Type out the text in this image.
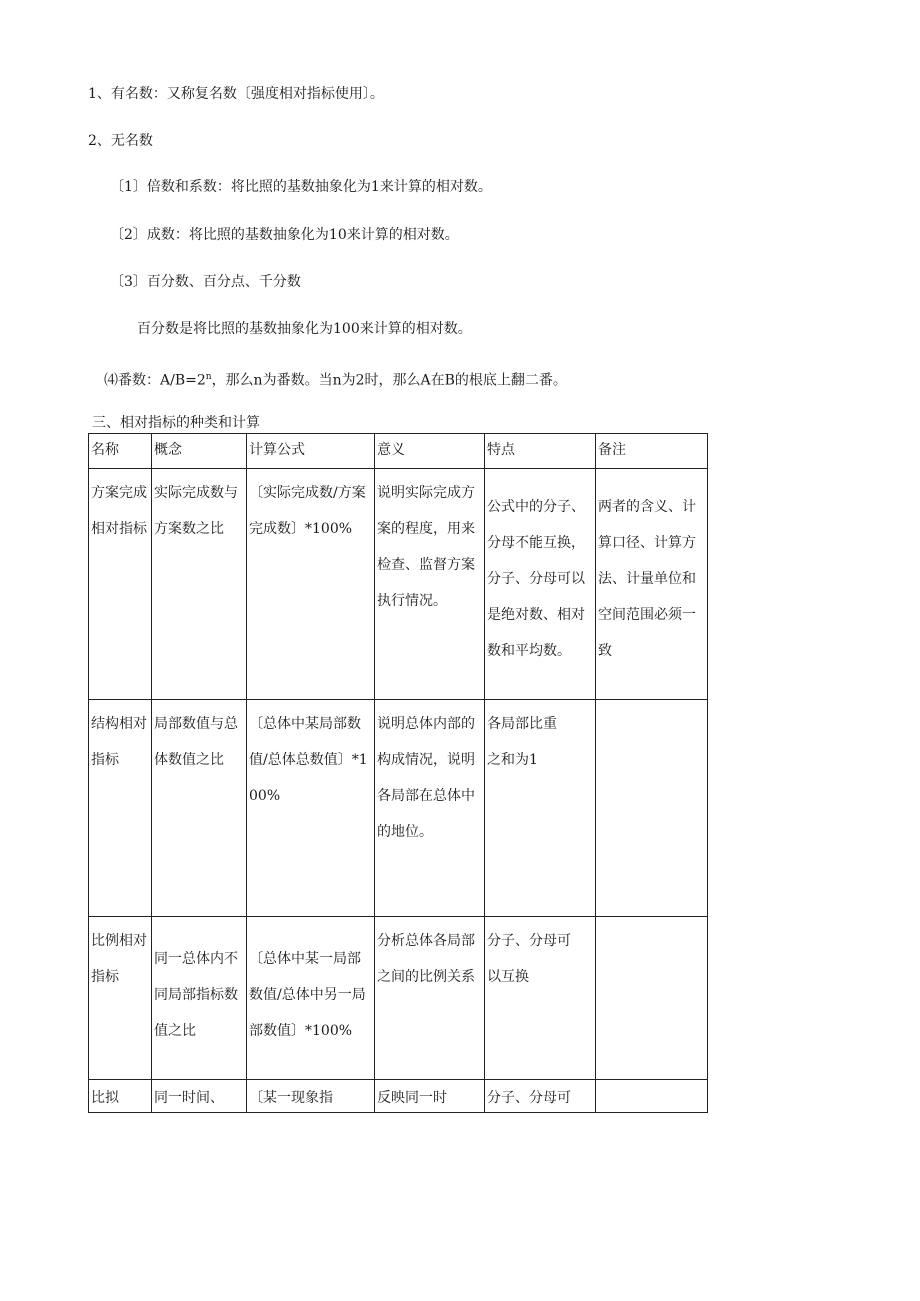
1、有名数：又称复名数〔强度相对指标使用〕。
2、无名数
〔1〕倍数和系数：将比照的基数抽象化为1来计算的相对数。
〔2〕成数：将比照的基数抽象化为10来计算的相对数。
〔3〕百分数、百分点、千分数
百分数是将比照的基数抽象化为100来计算的相对数。
⑷番数：$A/B=2^n$，那么n为番数。当n为2时，那么A在B的根底上翻二番。
三、相对指标的种类和计算
名称	概念	计算公式	意义	特点	备注

方案完成相对指标	实际完成数与方案数之比	〔实际完成数/方案完成数〕*100%	说明实际完成方案的程度，用来检查、监督方案执行情况。	公式中的分子、分母不能互换，分子、分母可以是绝对数、相对数和平均数。	两者的含义、计算口径、计算方法、计量单位和空间范围必须一致

结构相对指标	局部数值与总体数值之比	〔总体中某局部数值/总体总数值〕*100%	说明总体内部的构成情况，说明各局部在总体中的地位。	各局部比重之和为1	

比例相对指标	同一总体内不同局部指标数值之比	〔总体中某一局部数值/总体中另一局部数值〕*100%	分析总体各局部之间的比例关系	分子、分母可以互换	

比拟	同一时间、	〔某一现象指	反映同一时	分子、分母可	
